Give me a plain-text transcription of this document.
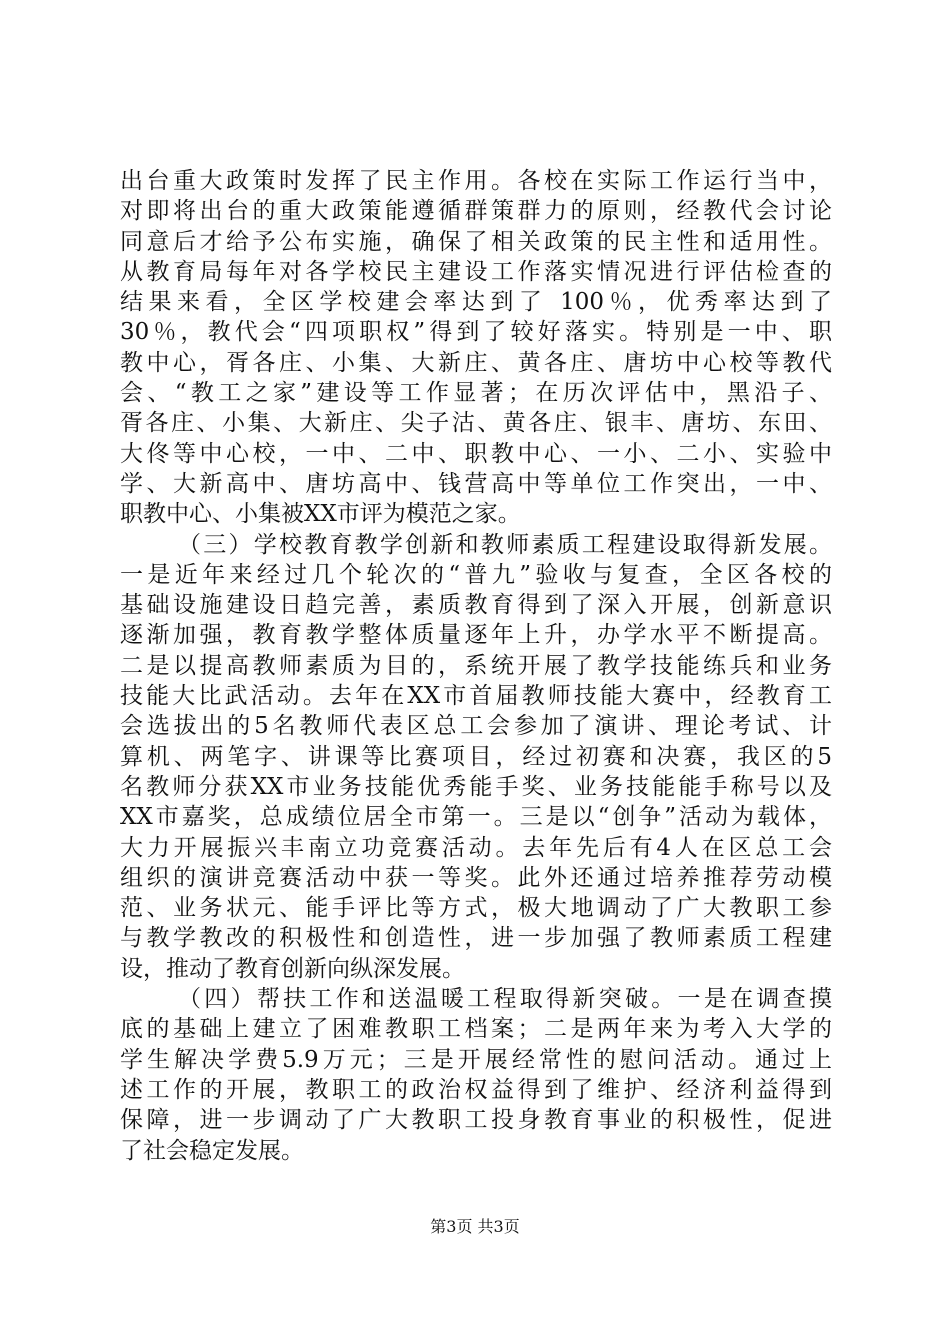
出台重大政策时发挥了民主作用。各校在实际工作运行当中，
对即将出台的重大政策能遵循群策群力的原则，经教代会讨论
同意后才给予公布实施，确保了相关政策的民主性和适用性。
从教育局每年对各学校民主建设工作落实情况进行评估检查的
结果来看，全区学校建会率达到了 100％，优秀率达到了
30％，教代会“四项职权”得到了较好落实。特别是一中、职
教中心，胥各庄、小集、大新庄、黄各庄、唐坊中心校等教代
会、“教工之家”建设等工作显著；在历次评估中，黑沿子、
胥各庄、小集、大新庄、尖子沽、黄各庄、银丰、唐坊、东田、
大佟等中心校，一中、二中、职教中心、一小、二小、实验中
学、大新高中、唐坊高中、钱营高中等单位工作突出，一中、
职教中心、小集被XX市评为模范之家。
（三）学校教育教学创新和教师素质工程建设取得新发展。
一是近年来经过几个轮次的“普九”验收与复查，全区各校的
基础设施建设日趋完善，素质教育得到了深入开展，创新意识
逐渐加强，教育教学整体质量逐年上升，办学水平不断提高。
二是以提高教师素质为目的，系统开展了教学技能练兵和业务
技能大比武活动。去年在XX市首届教师技能大赛中，经教育工
会选拔出的5名教师代表区总工会参加了演讲、理论考试、计
算机、两笔字、讲课等比赛项目，经过初赛和决赛，我区的5
名教师分获XX市业务技能优秀能手奖、业务技能能手称号以及
XX市嘉奖，总成绩位居全市第一。三是以“创争”活动为载体，
大力开展振兴丰南立功竞赛活动。去年先后有4人在区总工会
组织的演讲竞赛活动中获一等奖。此外还通过培养推荐劳动模
范、业务状元、能手评比等方式，极大地调动了广大教职工参
与教学教改的积极性和创造性，进一步加强了教师素质工程建
设，推动了教育创新向纵深发展。
（四）帮扶工作和送温暖工程取得新突破。一是在调查摸
底的基础上建立了困难教职工档案；二是两年来为考入大学的
学生解决学费5.9万元；三是开展经常性的慰问活动。通过上
述工作的开展，教职工的政治权益得到了维护、经济利益得到
保障，进一步调动了广大教职工投身教育事业的积极性，促进
了社会稳定发展。
第3页 共3页
